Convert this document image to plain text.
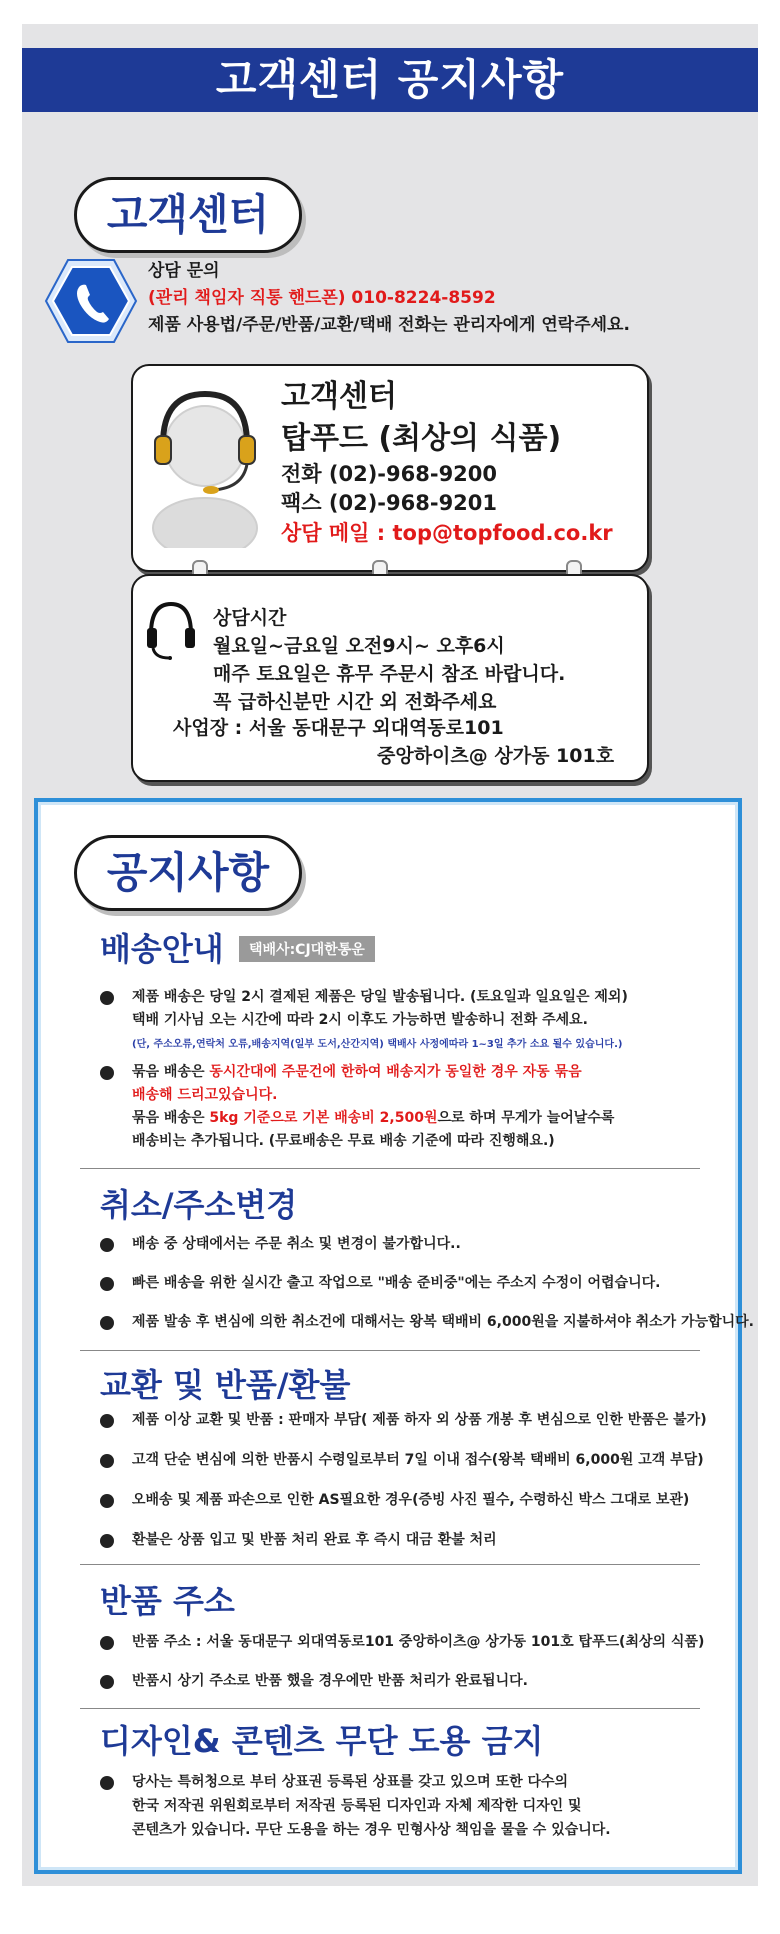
고객센터 공지사항
고객센터
상담 문의
(관리 책임자 직통 핸드폰) 010-8224-8592
제품 사용법/주문/반품/교환/택배 전화는 관리자에게 연락주세요.
고객센터
탑푸드 (최상의 식품)
전화 (02)-968-9200
팩스 (02)-968-9201
상담 메일 : top@topfood.co.kr
상담시간
월요일~금요일 오전9시~ 오후6시
매주 토요일은 휴무 주문시 참조 바랍니다.
꼭 급하신분만 시간 외 전화주세요
사업장 : 서울 동대문구 외대역동로101
중앙하이츠@ 상가동 101호
공지사항
배송안내	택배사:CJ대한통운
제품 배송은 당일 2시 결제된 제품은 당일 발송됩니다. (토요일과 일요일은 제외)
택배 기사님 오는 시간에 따라 2시 이후도 가능하면 발송하니 전화 주세요.
(단, 주소오류,연락처 오류,배송지역(일부 도서,산간지역) 택배사 사정에따라 1~3일 추가 소요 될수 있습니다.)
묶음 배송은 동시간대에 주문건에 한하여 배송지가 동일한 경우 자동 묶음
배송해 드리고있습니다.
묶음 배송은 5kg 기준으로 기본 배송비 2,500원으로 하며 무게가 늘어날수록
배송비는 추가됩니다. (무료배송은 무료 배송 기준에 따라 진행해요.)
취소/주소변경
배송 중 상태에서는 주문 취소 및 변경이 불가합니다..
빠른 배송을 위한 실시간 출고 작업으로 "배송 준비중"에는 주소지 수정이 어렵습니다.
제품 발송 후 변심에 의한 취소건에 대해서는 왕복 택배비 6,000원을 지불하셔야 취소가 가능합니다.
교환 및 반품/환불
제품 이상 교환 및 반품 : 판매자 부담( 제품 하자 외 상품 개봉 후 변심으로 인한 반품은 불가)
고객 단순 변심에 의한 반품시 수령일로부터 7일 이내 접수(왕복 택배비 6,000원 고객 부담)
오배송 및 제품 파손으로 인한 AS필요한 경우(증빙 사진 필수, 수령하신 박스 그대로 보관)
환불은 상품 입고 및 반품 처리 완료 후 즉시 대금 환불 처리
반품 주소
반품 주소 : 서울 동대문구 외대역동로101 중앙하이츠@ 상가동 101호 탑푸드(최상의 식품)
반품시 상기 주소로 반품 했을 경우에만 반품 처리가 완료됩니다.
디자인& 콘텐츠 무단 도용 금지
당사는 특허청으로 부터 상표권 등록된 상표를 갖고 있으며 또한 다수의
한국 저작권 위원회로부터 저작권 등록된 디자인과 자체 제작한 디자인 및
콘텐츠가 있습니다. 무단 도용을 하는 경우 민형사상 책임을 물을 수 있습니다.
